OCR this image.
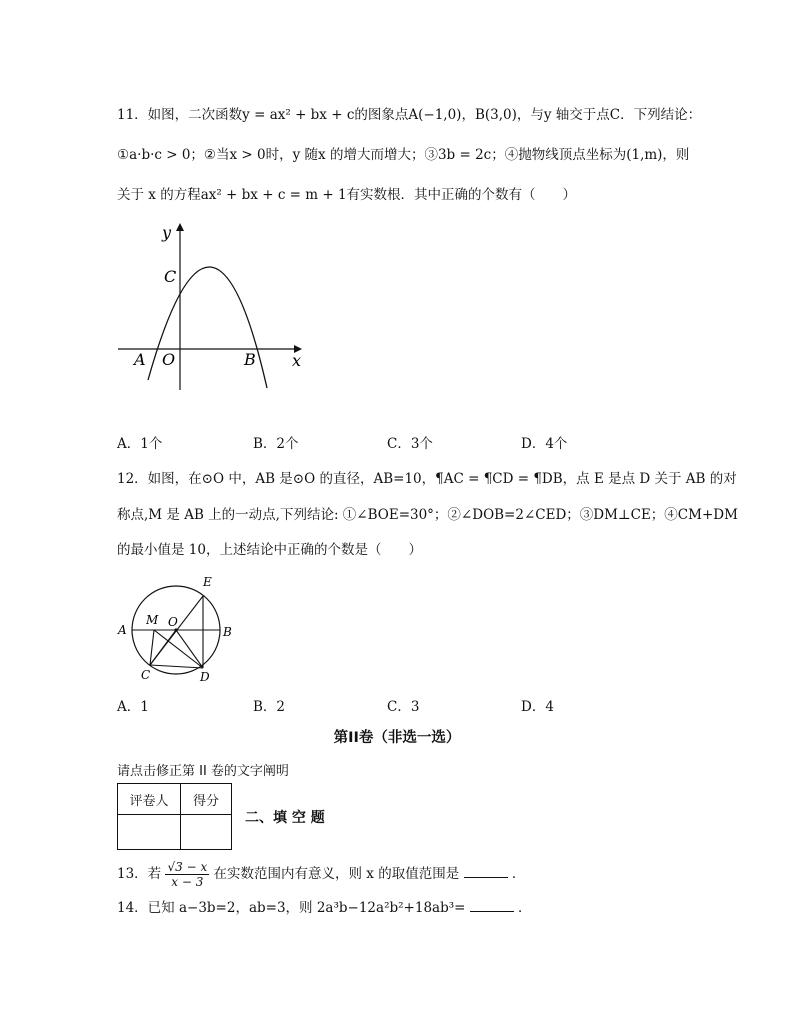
11．如图，二次函数y = ax² + bx + c的图象点A(−1,0)，B(3,0)，与y 轴交于点C．下列结论：
①a·b·c > 0；②当x > 0时，y 随x 的增大而增大；③3b = 2c；④抛物线顶点坐标为(1,m)，则
关于 x 的方程ax² + bx + c = m + 1有实数根．其中正确的个数有（　　）
y
x
A O	B
C
A．1个	B．2个	C．3个	D．4个
12．如图，在⊙O 中，AB 是⊙O 的直径，AB=10，¶AC = ¶CD = ¶DB，点 E 是点 D 关于 AB 的对
称点,M 是 AB 上的一动点,下列结论: ①∠BOE=30°；②∠DOB=2∠CED；③DM⊥CE；④CM+DM
的最小值是 10，上述结论中正确的个数是（　　）
A	B
E
M O
C	D
A．1	B．2	C．3	D．4
第II卷（非选一选）
请点击修正第 II 卷的文字阐明
评卷人	得分

二、填 空 题
13．若 $\frac{√3 - x}{x - 3}$ 在实数范围内有意义，则 x 的取值范围是	．
14．已知 a−3b=2，ab=3，则 2a³b−12a²b²+18ab³=	．
